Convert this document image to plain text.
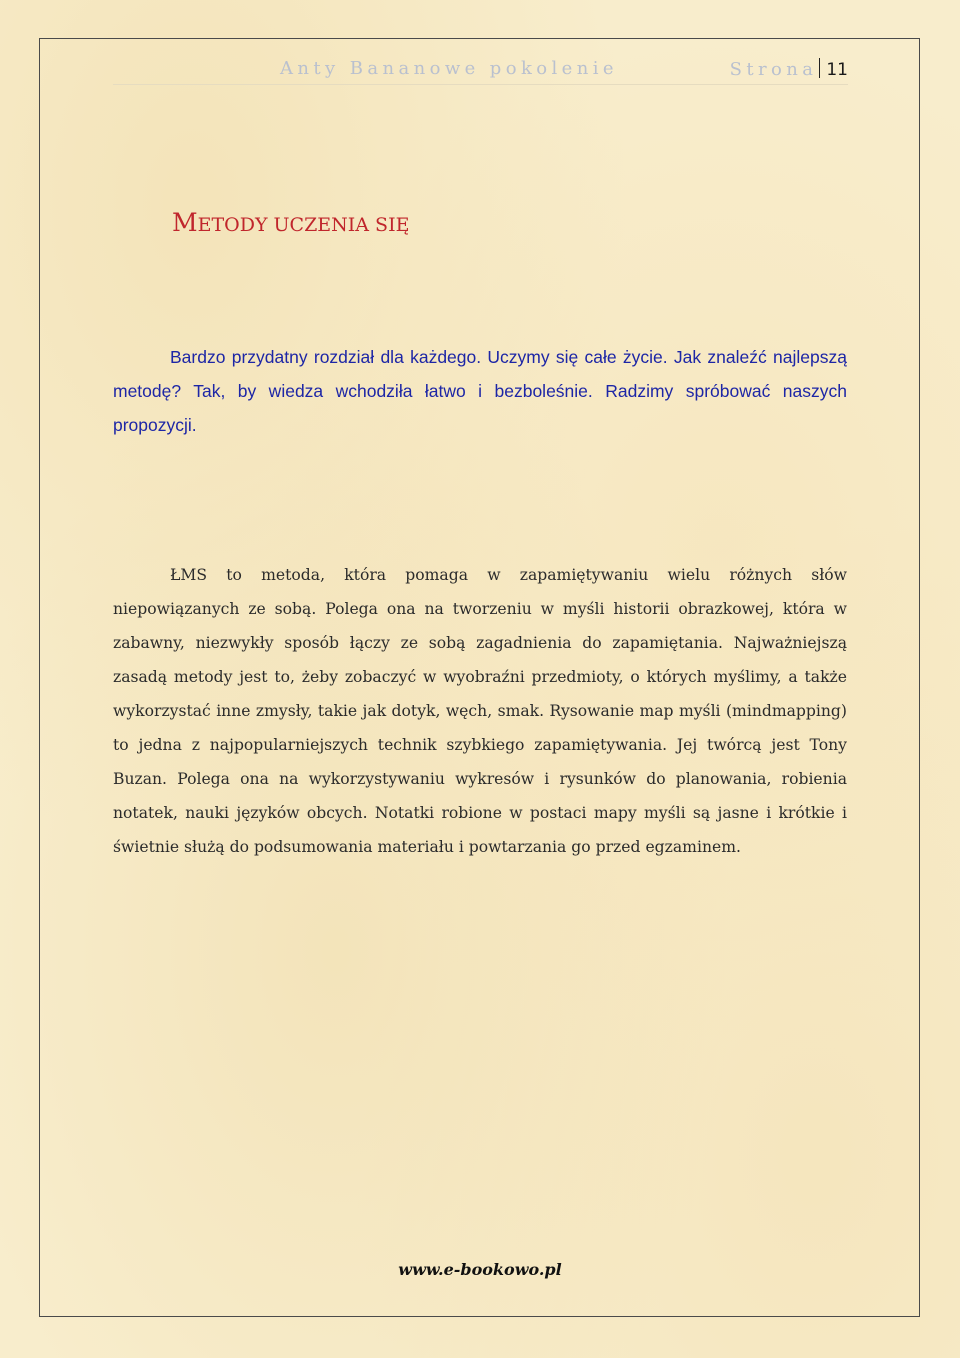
Anty Bananowe pokolenie	Strona 11
METODY UCZENIA SIĘ

Bardzo przydatny rozdział dla każdego. Uczymy się całe życie. Jak znaleźć najlepszą metodę? Tak, by wiedza wchodziła łatwo i bezboleśnie. Radzimy spróbować naszych propozycji.

ŁMS to metoda, która pomaga w zapamiętywaniu wielu różnych słów niepowiązanych ze sobą. Polega ona na tworzeniu w myśli historii obrazkowej, która w zabawny, niezwykły sposób łączy ze sobą zagadnienia do zapamiętania. Najważniejszą zasadą metody jest to, żeby zobaczyć w wyobraźni przedmioty, o których myślimy, a także wykorzystać inne zmysły, takie jak dotyk, węch, smak. Rysowanie map myśli (mindmapping) to jedna z najpopularniejszych technik szybkiego zapamiętywania. Jej twórcą jest Tony Buzan. Polega ona na wykorzystywaniu wykresów i rysunków do planowania, robienia notatek, nauki języków obcych. Notatki robione w postaci mapy myśli są jasne i krótkie i świetnie służą do podsumowania materiału i powtarzania go przed egzaminem.

www.e-bookowo.pl
